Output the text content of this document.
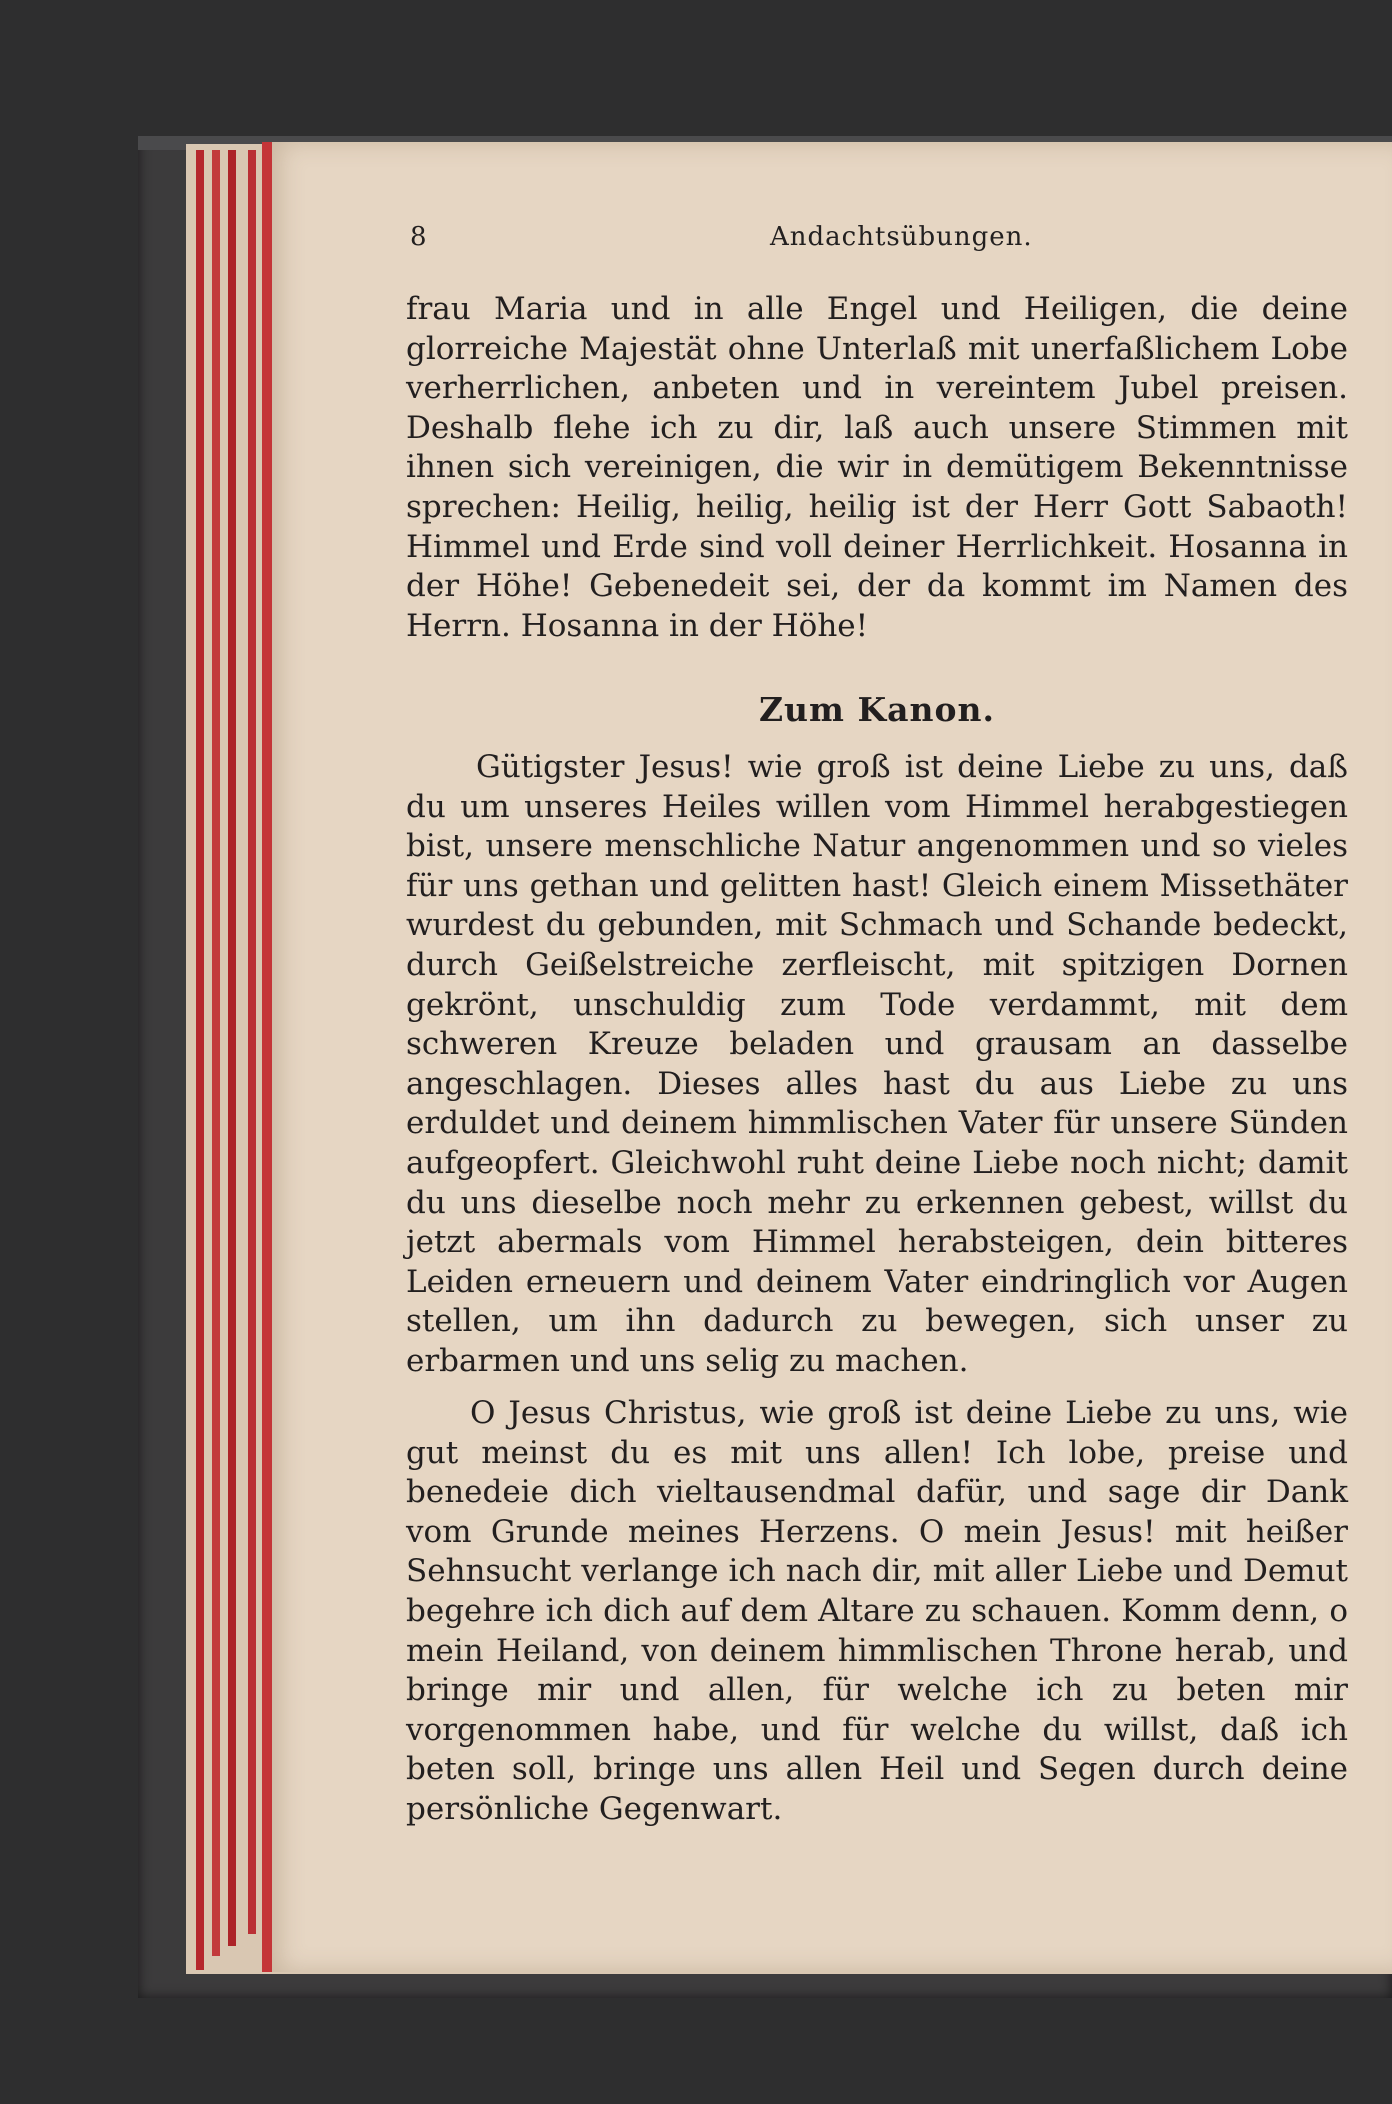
8	Andachtsübungen.

frau Maria und in alle Engel und Heiligen, die deine glorreiche Majestät ohne Unterlaß mit unerfaßlichem Lobe verherrlichen, anbeten und in vereintem Jubel preisen. Deshalb flehe ich zu dir, laß auch unsere Stimmen mit ihnen sich vereinigen, die wir in demütigem Bekenntnisse sprechen: Heilig, heilig, heilig ist der Herr Gott Sabaoth! Himmel und Erde sind voll deiner Herrlichkeit. Hosanna in der Höhe! Gebenedeit sei, der da kommt im Namen des Herrn. Hosanna in der Höhe!

Zum Kanon.

Gütigster Jesus! wie groß ist deine Liebe zu uns, daß du um unseres Heiles willen vom Himmel herabgestiegen bist, unsere menschliche Natur angenommen und so vieles für uns gethan und gelitten hast! Gleich einem Missethäter wurdest du gebunden, mit Schmach und Schande bedeckt, durch Geißelstreiche zerfleischt, mit spitzigen Dornen gekrönt, unschuldig zum Tode verdammt, mit dem schweren Kreuze beladen und grausam an dasselbe angeschlagen. Dieses alles hast du aus Liebe zu uns erduldet und deinem himmlischen Vater für unsere Sünden aufgeopfert. Gleichwohl ruht deine Liebe noch nicht; damit du uns dieselbe noch mehr zu erkennen gebest, willst du jetzt abermals vom Himmel herabsteigen, dein bitteres Leiden erneuern und deinem Vater eindringlich vor Augen stellen, um ihn dadurch zu bewegen, sich unser zu erbarmen und uns selig zu machen.

O Jesus Christus, wie groß ist deine Liebe zu uns, wie gut meinst du es mit uns allen! Ich lobe, preise und benedeie dich vieltausendmal dafür, und sage dir Dank vom Grunde meines Herzens. O mein Jesus! mit heißer Sehnsucht verlange ich nach dir, mit aller Liebe und Demut begehre ich dich auf dem Altare zu schauen. Komm denn, o mein Heiland, von deinem himmlischen Throne herab, und bringe mir und allen, für welche ich zu beten mir vorgenommen habe, und für welche du willst, daß ich beten soll, bringe uns allen Heil und Segen durch deine persönliche Gegenwart.
